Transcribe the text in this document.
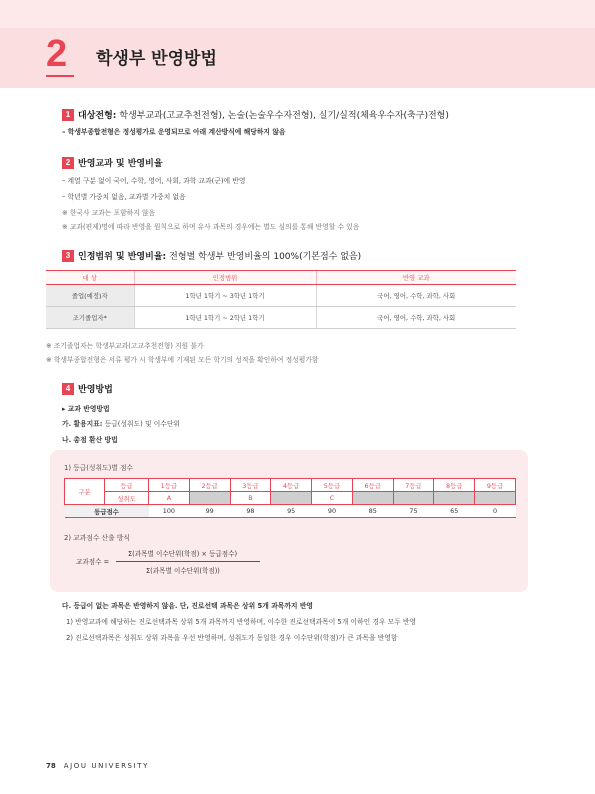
2 학생부 반영방법
1 대상전형: 학생부교과(고교추천전형), 논술(논술우수자전형), 실기/실적(체육우수자(축구)전형)
– 학생부종합전형은 정성평가로 운영되므로 아래 계산방식에 해당하지 않음
2 반영교과 및 반영비율
– 계열 구분 없이 국어, 수학, 영어, 사회, 과학 교과(군)에 반영
– 학년별 가중치 없음, 교과별 가중치 없음
※ 한국사 교과는 포함하지 않음
※ 교과(편제)명에 따라 반영을 원칙으로 하며 유사 과목의 경우에는 별도 심의를 통해 반영할 수 있음
3 인정범위 및 반영비율: 전형별 학생부 반영비율의 100%(기본점수 없음)
대 상	인정범위	반영 교과
졸업(예정)자	1학년 1학기 ~ 3학년 1학기	국어, 영어, 수학, 과학, 사회
조기졸업자*	1학년 1학기 ~ 2학년 1학기	국어, 영어, 수학, 과학, 사회
※ 조기졸업자는 학생부교과(고교추천전형) 지원 불가
※ 학생부종합전형은 서류 평가 시 학생부에 기재된 모든 학기의 성적을 확인하여 정성평가함
4 반영방법
▸ 교과 반영방법
가. 활용지표: 등급(성취도) 및 이수단위
나. 총점 환산 방법
1) 등급(성취도)별 점수
구분	등급	1등급	2등급	3등급	4등급	5등급	6등급	7등급	8등급	9등급
	성취도	A		B		C				
등급점수		100	99	98	95	90	85	75	65	0
2) 교과점수 산출 방식
교과점수 =
Σ(과목별 이수단위(학점) × 등급점수)
Σ(과목별 이수단위(학점))
다. 등급이 없는 과목은 반영하지 않음. 단, 진로선택 과목은 상위 5개 과목까지 반영
1) 반영교과에 해당하는 진로선택과목 상위 5개 과목까지 반영하며, 이수한 진로선택과목이 5개 이하인 경우 모두 반영
2) 진로선택과목은 성취도 상위 과목을 우선 반영하며, 성취도가 동일한 경우 이수단위(학점)가 큰 과목을 반영함
78 AJOU UNIVERSITY
